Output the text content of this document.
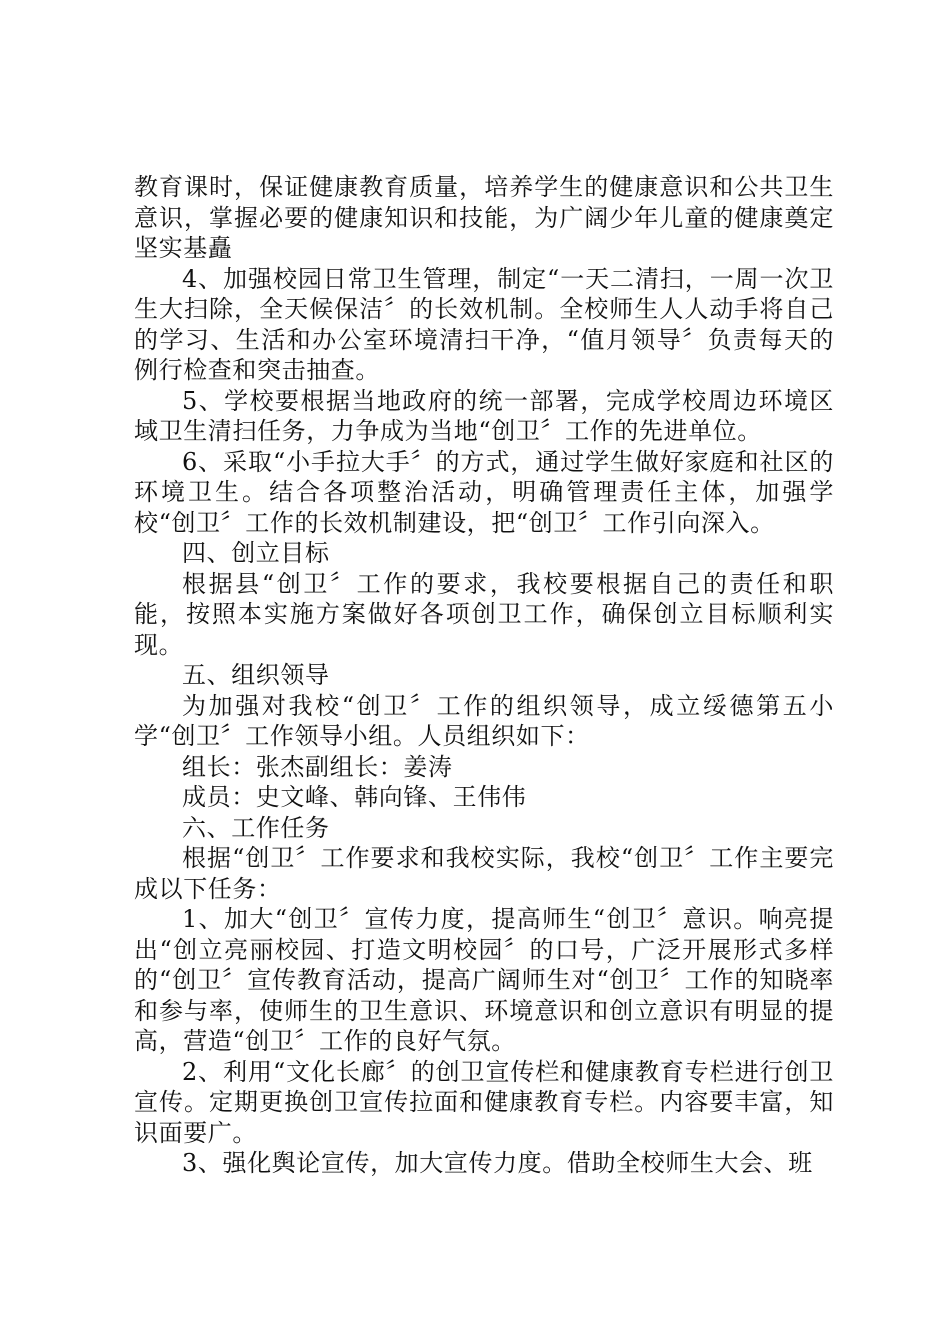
教育课时，保证健康教育质量，培养学生的健康意识和公共卫生意识，掌握必要的健康知识和技能，为广阔少年儿童的健康奠定坚实基矗

4、加强校园日常卫生管理，制定“一天二清扫，一周一次卫生大扫除，全天候保洁〞的长效机制。全校师生人人动手将自己的学习、生活和办公室环境清扫干净，“值月领导〞负责每天的例行检查和突击抽查。

5、学校要根据当地政府的统一部署，完成学校周边环境区域卫生清扫任务，力争成为当地“创卫〞工作的先进单位。

6、采取“小手拉大手〞的方式，通过学生做好家庭和社区的环境卫生。结合各项整治活动，明确管理责任主体，加强学校“创卫〞工作的长效机制建设，把“创卫〞工作引向深入。

四、创立目标

根据县“创卫〞工作的要求，我校要根据自己的责任和职能，按照本实施方案做好各项创卫工作，确保创立目标顺利实现。

五、组织领导

为加强对我校“创卫〞工作的组织领导，成立绥德第五小学“创卫〞工作领导小组。人员组织如下：

组长：张杰副组长：姜涛

成员：史文峰、韩向锋、王伟伟

六、工作任务

根据“创卫〞工作要求和我校实际，我校“创卫〞工作主要完成以下任务：

1、加大“创卫〞宣传力度，提高师生“创卫〞意识。响亮提出“创立亮丽校园、打造文明校园〞的口号，广泛开展形式多样的“创卫〞宣传教育活动，提高广阔师生对“创卫〞工作的知晓率和参与率，使师生的卫生意识、环境意识和创立意识有明显的提高，营造“创卫〞工作的良好气氛。

2、利用“文化长廊〞的创卫宣传栏和健康教育专栏进行创卫宣传。定期更换创卫宣传拉面和健康教育专栏。内容要丰富，知识面要广。

3、强化舆论宣传，加大宣传力度。借助全校师生大会、班
